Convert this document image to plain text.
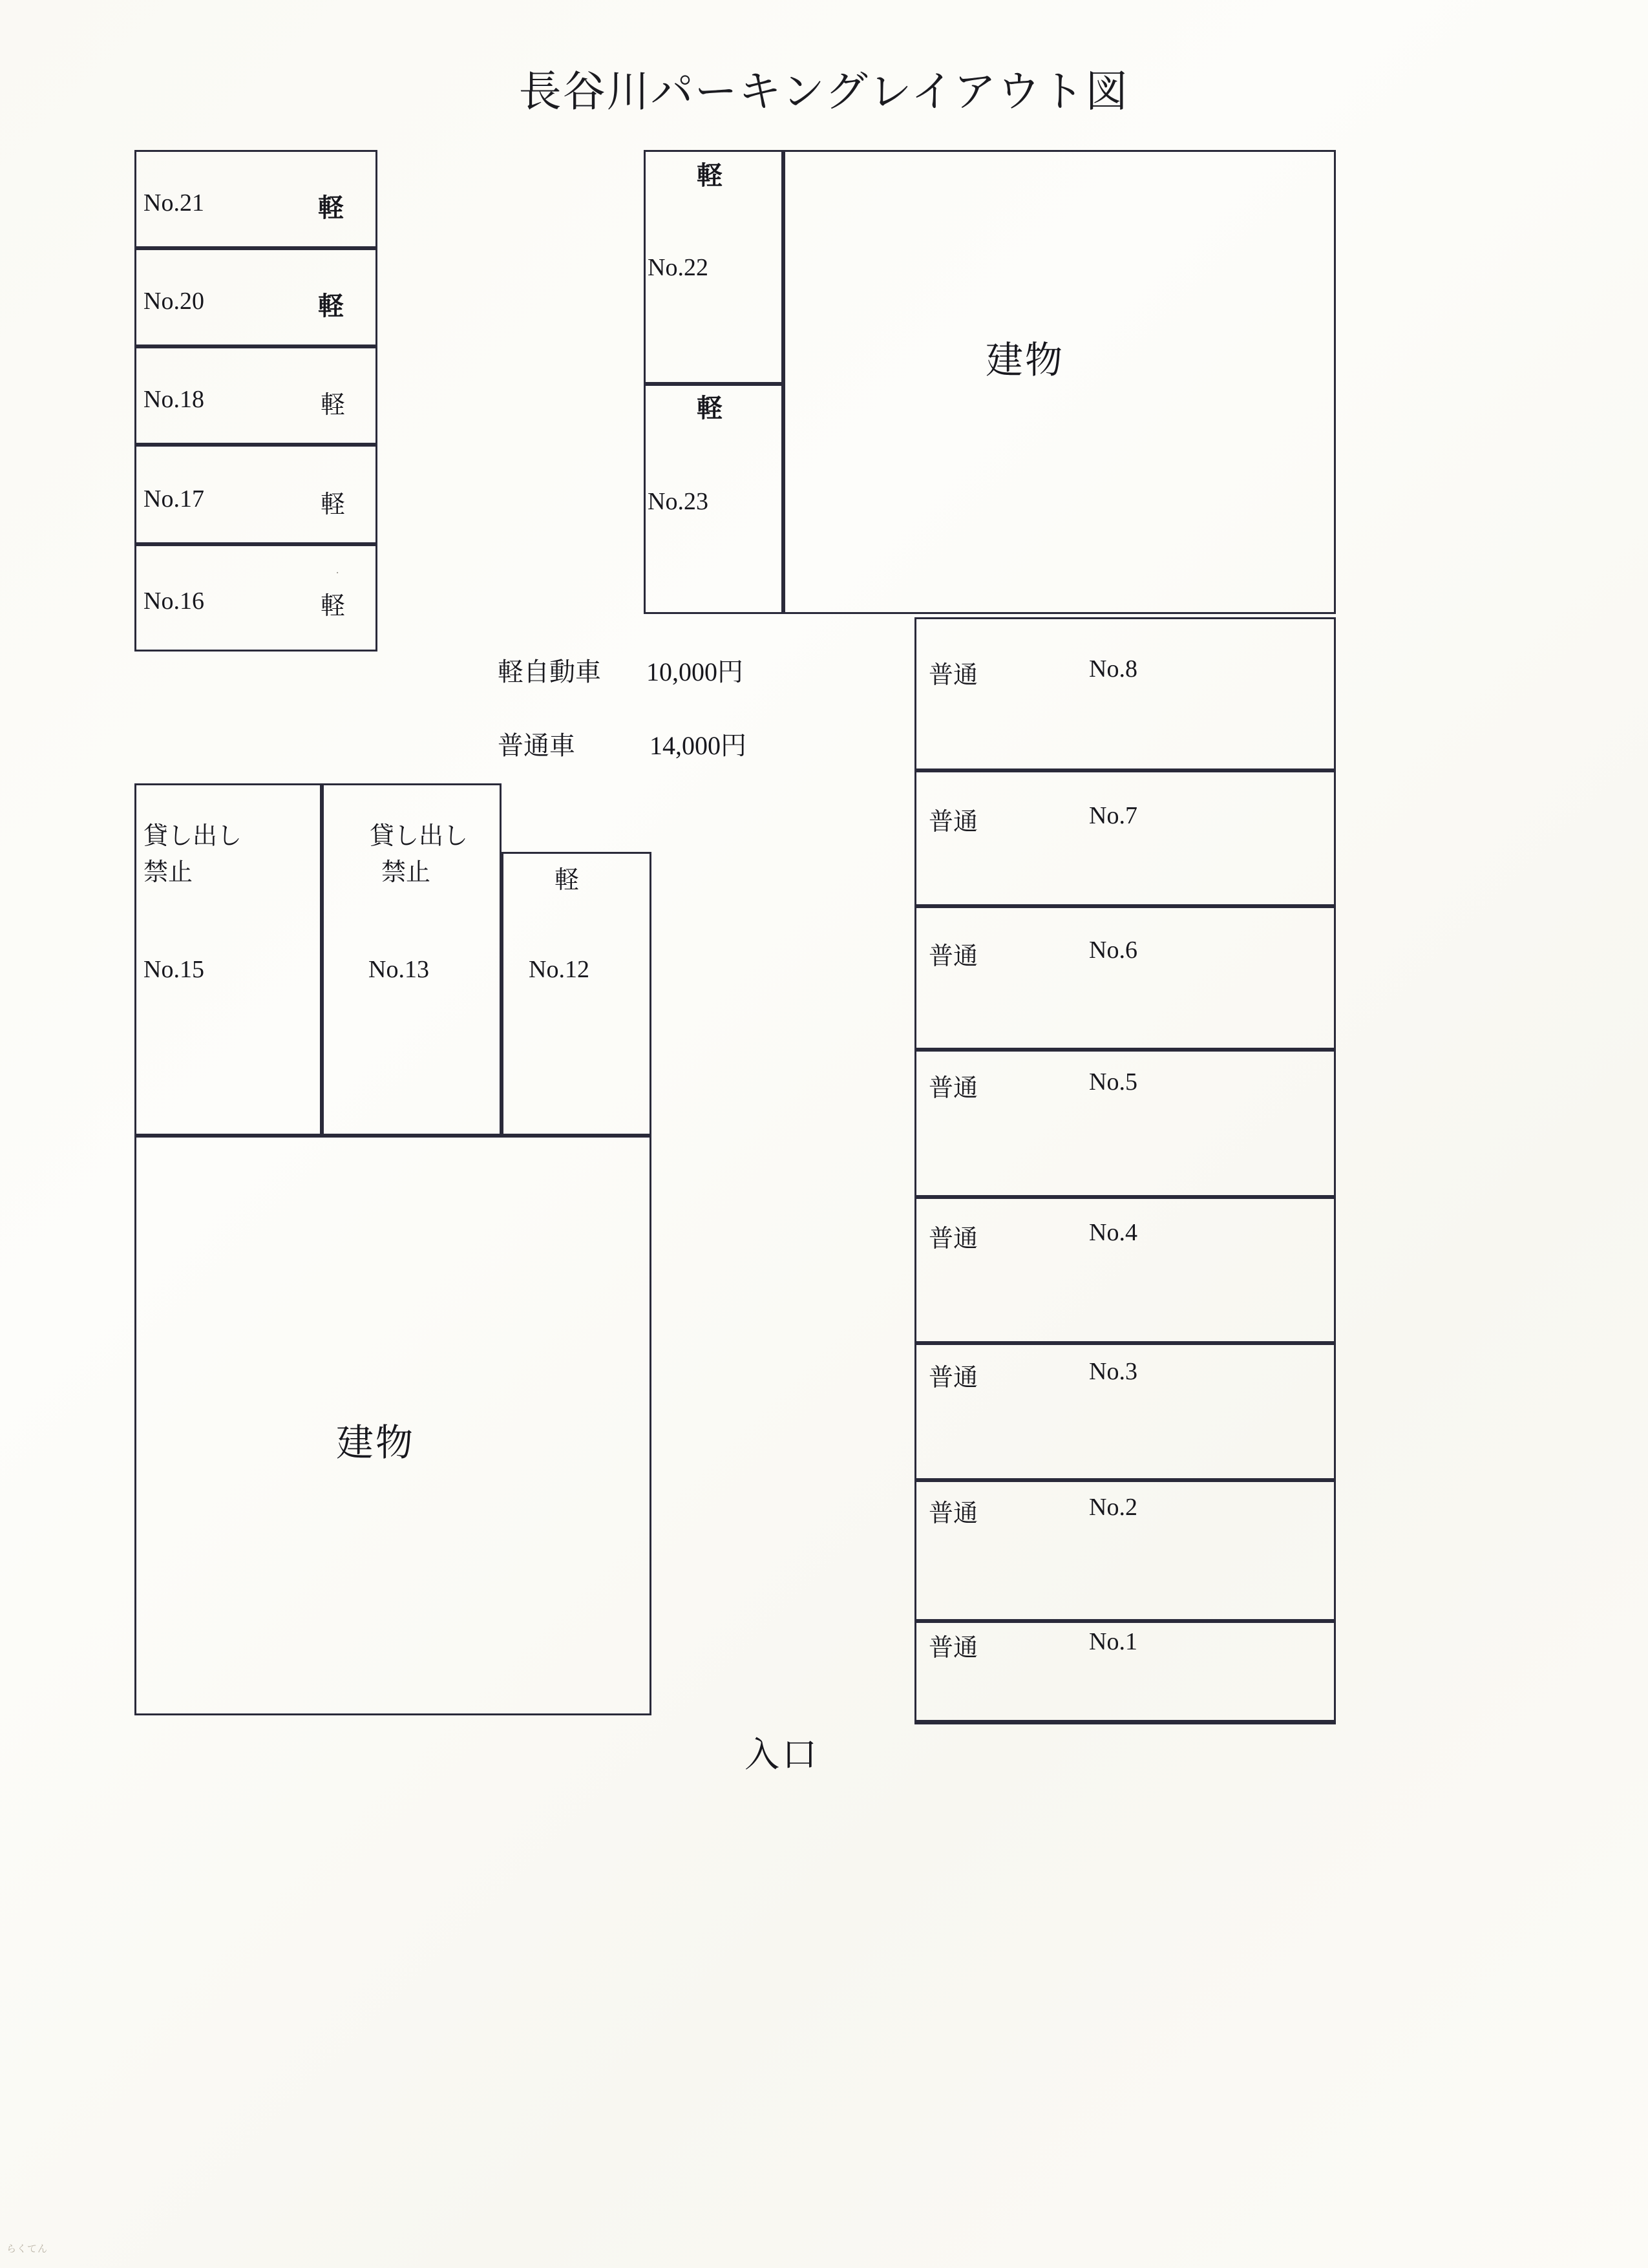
長谷川パーキングレイアウト図
No.21	軽
No.20	軽
No.18	軽
No.17	軽
No.16	軽
.
軽
No.22
軽
No.23
建物
軽自動車 10,000円
普通車	14,000円
普通	No.8
普通	No.7
普通	No.6
普通	No.5
普通	No.4
普通	No.3
普通	No.2
普通	No.1
貸し出し
禁止
No.15
貸し出し
禁止
No.13
軽
No.12
建物
入口
らくてん
